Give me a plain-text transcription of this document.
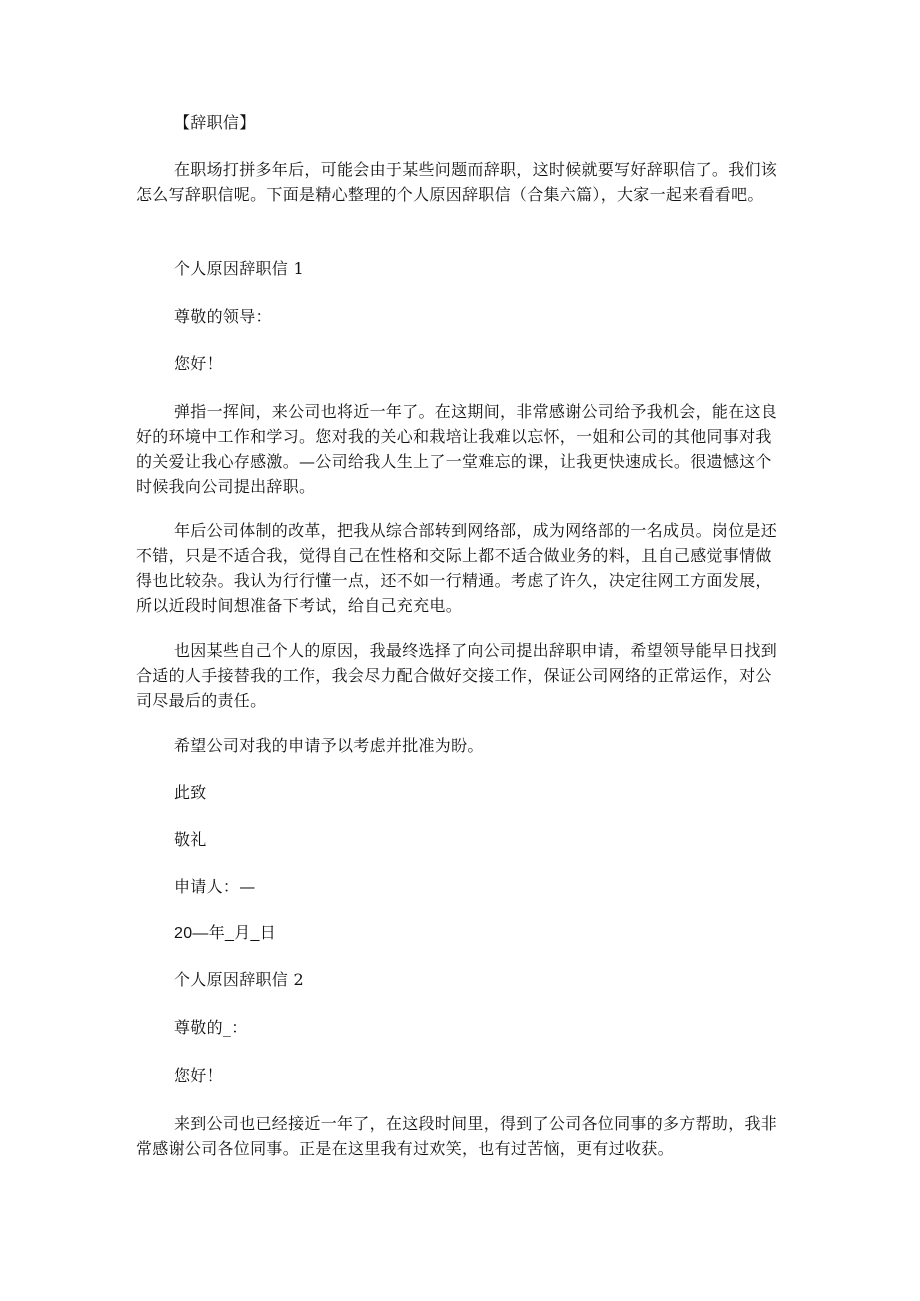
【辞职信】

在职场打拼多年后，可能会由于某些问题而辞职，这时候就要写好辞职信了。我们该怎么写辞职信呢。下面是精心整理的个人原因辞职信（合集六篇），大家一起来看看吧。

个人原因辞职信 1

尊敬的领导：

您好！

弹指一挥间，来公司也将近一年了。在这期间，非常感谢公司给予我机会，能在这良好的环境中工作和学习。您对我的关心和栽培让我难以忘怀，一姐和公司的其他同事对我的关爱让我心存感激。—公司给我人生上了一堂难忘的课，让我更快速成长。很遗憾这个时候我向公司提出辞职。

年后公司体制的改革，把我从综合部转到网络部，成为网络部的一名成员。岗位是还不错，只是不适合我，觉得自己在性格和交际上都不适合做业务的料，且自己感觉事情做得也比较杂。我认为行行懂一点，还不如一行精通。考虑了许久，决定往网工方面发展，所以近段时间想准备下考试，给自己充充电。

也因某些自己个人的原因，我最终选择了向公司提出辞职申请，希望领导能早日找到合适的人手接替我的工作，我会尽力配合做好交接工作，保证公司网络的正常运作，对公司尽最后的责任。

希望公司对我的申请予以考虑并批准为盼。

此致

敬礼

申请人：—

20—年_月_日

个人原因辞职信 2

尊敬的_：

您好！

来到公司也已经接近一年了，在这段时间里，得到了公司各位同事的多方帮助，我非常感谢公司各位同事。正是在这里我有过欢笑，也有过苦恼，更有过收获。
